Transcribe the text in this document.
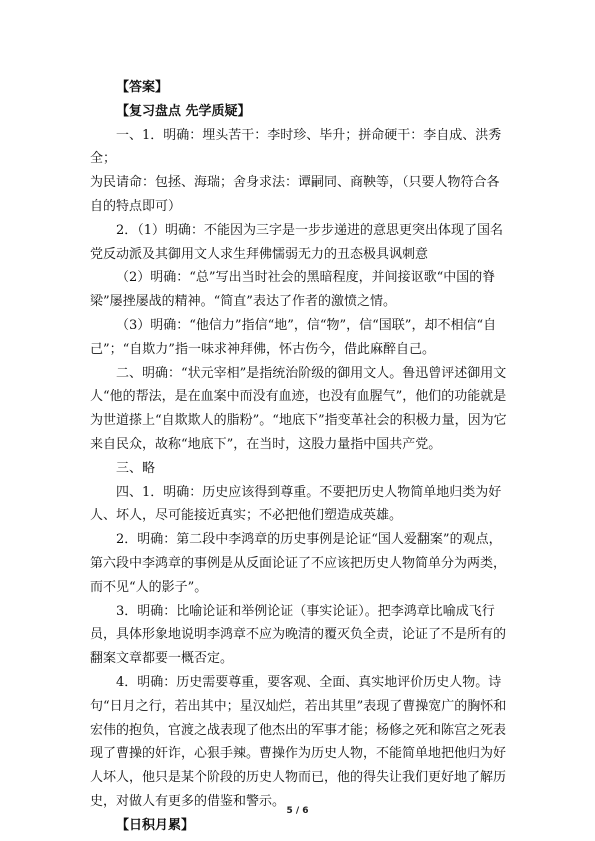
【答案】

【复习盘点 先学质疑】

一、1．明确：埋头苦干：李时珍、毕升；拼命硬干：李自成、洪秀全；

为民请命：包拯、海瑞；舍身求法：谭嗣同、商鞅等，（只要人物符合各自的特点即可）

2．（1）明确：不能因为三字是一步步递进的意思更突出体现了国名党反动派及其御用文人求生拜佛懦弱无力的丑态极具讽刺意

（2）明确：“总”写出当时社会的黑暗程度，并间接讴歌“中国的脊梁”屡挫屡战的精神。“简直”表达了作者的激愤之情。

（3）明确：“他信力”指信“地”，信“物”，信“国联”，却不相信“自己”；“自欺力”指一味求神拜佛，怀古伤今，借此麻醉自己。

二、明确：“状元宰相”是指统治阶级的御用文人。鲁迅曾评述御用文人“他的帮法，是在血案中而没有血迹，也没有血腥气”，他们的功能就是为世道搽上“自欺欺人的脂粉”。“地底下”指变革社会的积极力量，因为它来自民众，故称“地底下”，在当时，这股力量指中国共产党。

三、略

四、1．明确：历史应该得到尊重。不要把历史人物简单地归类为好人、坏人，尽可能接近真实；不必把他们塑造成英雄。

2．明确：第二段中李鸿章的历史事例是论证“国人爱翻案”的观点，第六段中李鸿章的事例是从反面论证了不应该把历史人物简单分为两类，而不见“人的影子”。

3．明确：比喻论证和举例论证（事实论证）。把李鸿章比喻成飞行员，具体形象地说明李鸿章不应为晚清的覆灭负全责，论证了不是所有的翻案文章都要一概否定。

4．明确：历史需要尊重，要客观、全面、真实地评价历史人物。诗句“日月之行，若出其中；星汉灿烂，若出其里”表现了曹操宽广的胸怀和宏伟的抱负，官渡之战表现了他杰出的军事才能；杨修之死和陈宫之死表现了曹操的奸诈，心狠手辣。曹操作为历史人物，不能简单地把他归为好人坏人，他只是某个阶段的历史人物而已，他的得失让我们更好地了解历史，对做人有更多的借鉴和警示。

【日积月累】

5 / 6
